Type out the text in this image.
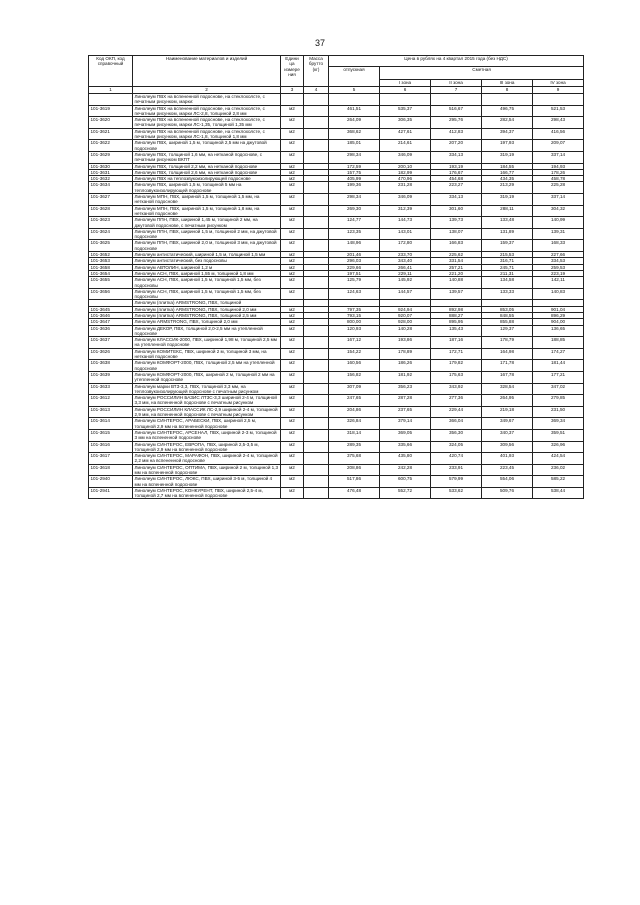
37
Код ОКП, код справочный	Наименование материалов и изделий	Едини ца измере ния	Масса брутто (кг)	Цена в рублях на 4 квартал 2015 года (без НДС)				
				отпускная	Сметная			
					I зона	II зона	III зона	IV зона
1	2	3	4	5	6	7	8	9
	Линолеум ПВХ на вспененной подоснове, на стеклохолсте, с печатным рисунком, марки:							
101-3619	Линолеум ПВХ на вспененной подоснове, на стеклохолсте, с печатным рисунком, марки ЛС-2,8, толщиной 2,8 мм	м2		461,51	535,37	516,67	496,75	521,53
101-3620	Линолеум ПВХ на вспененной подоснове, на стеклохолсте, с печатным рисунком, марки ЛС-1,35, толщиной 1,35 мм	м2		264,09	306,35	295,76	282,54	298,43
101-3621	Линолеум ПВХ на вспененной подоснове, на стеклохолсте, с печатным рисунком, марки ЛС-1,8, толщиной 1,8 мм	м2		368,62	427,61	412,83	394,37	416,56
101-3622	Линолеум ПВХ, шириной 1,5 м, толщиной 2,5 мм на джутовой подоснове	м2		185,01	214,61	207,20	197,93	209,07
101-3629	Линолеум ПВХ, толщиной 1,6 мм, на нетканой подоснове, с печатным рисунком ВКПТ	м2		298,34	346,09	334,13	319,19	337,14
101-3630	Линолеум ПВХ, толщиной 2,2 мм, на нетканой подоснове	м2		172,59	200,10	193,19	184,55	194,93
101-3631	Линолеум ПВХ, толщиной 2,6 мм, на нетканой подоснове	м2		157,75	182,99	176,67	166,77	178,26
101-3632	Линолеум ПВХ на теплозвукоизолирующей подоснове	м2		405,99	470,96	454,68	434,35	458,78
101-3634	Линолеум ПВХ, шириной 1,5 м, толщиной 5 мм на теплозвукоизолирующей подоснове	м2		199,36	231,28	223,27	213,29	225,28
101-3627	Линолеум МПН, ПВХ, шириной 1,5 м, толщиной 1,5 мм, на нетканой подоснове	м2		298,34	346,09	334,13	319,19	337,14
101-3628	Линолеум МПН, ПВХ, шириной 1,5 м, толщиной 1,8 мм, на нетканой подоснове	м2		269,30	312,39	301,60	288,11	304,32
101-3623	Линолеум ППН, ПВХ, шириной 1,45 м, толщиной 2 мм, на джутовой подоснове, с печатным рисунком	м2		124,77	144,73	139,73	133,48	140,99
101-3624	Линолеум ППН, ПВХ, шириной 1,5 м, толщиной 2 мм, на джутовой подоснове	м2		123,35	143,01	138,07	131,89	139,31
101-3625	Линолеум ППН, ПВХ, шириной 2,0 м, толщиной 3 мм, на джутовой подоснове	м2		148,96	172,80	166,83	159,37	168,33
101-3652	Линолеум антистатический, шириной 1,5 м, толщиной 1,5 мм	м2		201,46	233,70	225,62	215,53	227,66
101-3653	Линолеум антистатический, без подосновы	м2		296,03	343,40	331,54	316,71	334,53
101-3658	Линолеум АВТОЛИН, шириной 1,2 м	м2		229,66	266,41	257,21	245,71	259,53
101-3654	Линолеум АСН, ПВХ, шириной 1,55 м, толщиной 1,8 мм	м2		197,51	229,11	221,20	211,31	223,19
101-3655	Линолеум АСН, ПВХ, шириной 1,5 м, толщиной 1,5 мм, без подосновы	м2		125,79	145,92	140,88	134,58	142,11
101-3656	Линолеум АСН, ПВХ, шириной 1,5 м, толщиной 1,5 мм, без подосновы	м2		124,63	144,57	139,57	133,33	140,83
	Линолеум (плитка) ARMSTRONG, ПВХ, толщиной							
101-3645	Линолеум (плитка) ARMSTRONG, ПВХ, толщиной 2,0 мм	м2		797,35	924,94	892,98	853,05	901,04
101-3646	Линолеум (плитка) ARMSTRONG, ПВХ, толщиной 2,5 мм	м2		793,15	920,07	888,27	848,55	896,29
101-3647	Линолеум ARMSTRONG, ПВХ, толщиной 2,0 мм	м2		800,00	928,00	895,95	855,88	904,00
101-3636	Линолеум ДЕКОР, ПВХ, толщиной 2,0-2,5 мм на утепленной подоснове	м2		120,93	140,28	135,43	129,37	136,65
101-3637	Линолеум КЛАССИК-2000, ПВХ, шириной 1,98 м, толщиной 2,5 мм на утепленной подоснове	м2		167,12	193,86	187,16	178,79	188,85
101-3626	Линолеум КОМИТЕКС, ПВХ, шириной 2 м, толщиной 3 мм, на нетканой подоснове	м2		154,22	178,89	172,71	164,98	174,27
101-3638	Линолеум КОМФОРТ-2000, ПВХ, толщиной 2,5 мм на утепленной подоснове	м2		160,56	186,26	179,82	171,78	181,44
101-3639	Линолеум КОМФОРТ-2000, ПВХ, шириной 2 м, толщиной 2 мм на утепленной подоснове	м2		156,82	181,92	175,63	167,78	177,21
101-3633	Линолеум марки ВТЗ-3,3, ПВХ, толщиной 3,3 мм, на теплозвукоизолирующей подоснове с печатным рисунком	м2		307,09	356,23	343,92	328,54	347,02
101-3612	Линолеум РОССИЛИН БАЗИС ЛТ3С-3,3 шириной 2-4 м, толщиной 3,3 мм, на вспененной подоснове с печатным рисунком	м2		247,65	287,28	277,36	264,95	279,85
101-3613	Линолеум РОССИЛИН КЛАССИК ЛС-2,9 шириной 2-4 м, толщиной 2,9 мм, на вспененной подоснове с печатным рисунком	м2		204,86	237,65	229,44	219,18	231,50
101-3614	Линолеум СИНТЕРОС, АРАБЕСКИ, ПВХ, шириной 2,5 м, толщиной 2,9 мм на вспененной подоснове	м2		326,84	379,14	366,04	349,67	369,34
101-3615	Линолеум СИНТЕРОС, АРСЕНАЛ, ПВХ, шириной 2-3 м, толщиной 3 мм на вспененной подоснове	м2		318,14	369,05	356,30	340,37	359,51
101-3616	Линолеум СИНТЕРОС, ЕВРОПА, ПВХ, шириной 2,5-3,5 м, толщиной 2,9 мм на вспененной подоснове	м2		289,35	335,66	324,05	309,56	326,96
101-3617	Линолеум СИНТЕРОС, МАРАФОН, ПВХ, шириной 2-4 м, толщиной 2,2 мм на вспененной подоснове	м2		375,68	435,80	420,74	401,93	424,54
101-3618	Линолеум СИНТЕРОС, ОПТИМА, ПВХ, шириной 2 м, толщиной 1,3 мм на вспененной подоснове	м2		208,86	242,28	233,91	223,45	236,02
101-2940	Линолеум СИНТЕРОС, ЛЮКС, ПВХ, шириной 3-5 м, толщиной 4 мм на вспененной подоснове	м2		517,86	600,75	579,99	554,06	585,22
101-2941	Линолеум СИНТЕРОС, КОНКУРЕНТ, ПВХ, шириной 2,5-4 м, толщиной 2,7 мм на вспененной подоснове	м2		476,48	552,72	533,62	509,76	538,44
